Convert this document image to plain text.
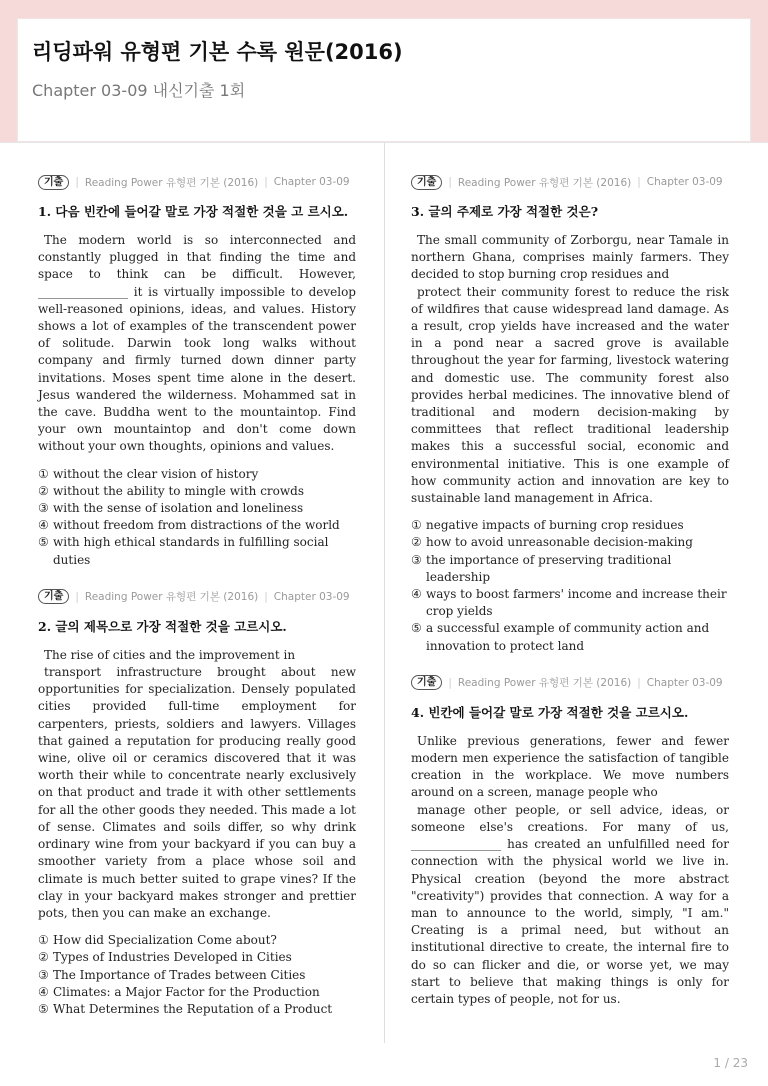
리딩파워 유형편 기본 수록 원문(2016)
Chapter 03-09 내신기출 1회
기출	| Reading Power 유형편 기본 (2016) | Chapter 03-09
1. 다음 빈칸에 들어갈 말로 가장 적절한 것을 고 르시오.

The modern world is so interconnected and constantly plugged in that finding the time and space to think can be difficult. However, _______________ it is virtually impossible to develop well-reasoned opinions, ideas, and values. History shows a lot of examples of the transcendent power of solitude. Darwin took long walks without company and firmly turned down dinner party invitations. Moses spent time alone in the desert. Jesus wandered the wilderness. Mohammed sat in the cave. Buddha went to the mountaintop. Find your own mountaintop and don't come down without your own thoughts, opinions and values.

① without the clear vision of history
② without the ability to mingle with crowds
③ with the sense of isolation and loneliness
④ without freedom from distractions of the world
⑤ with high ethical standards in fulfilling social duties
기출	| Reading Power 유형편 기본 (2016) | Chapter 03-09
2. 글의 제목으로 가장 적절한 것을 고르시오.

The rise of cities and the improvement in

transport infrastructure brought about new opportunities for specialization. Densely populated cities provided full-time employment for carpenters, priests, soldiers and lawyers. Villages that gained a reputation for producing really good wine, olive oil or ceramics discovered that it was worth their while to concentrate nearly exclusively on that product and trade it with other settlements for all the other goods they needed. This made a lot of sense. Climates and soils differ, so why drink ordinary wine from your backyard if you can buy a smoother variety from a place whose soil and climate is much better suited to grape vines? If the clay in your backyard makes stronger and prettier pots, then you can make an exchange.

① How did Specialization Come about?
② Types of Industries Developed in Cities
③ The Importance of Trades between Cities
④ Climates: a Major Factor for the Production
⑤ What Determines the Reputation of a Product
기출	| Reading Power 유형편 기본 (2016) | Chapter 03-09
3. 글의 주제로 가장 적절한 것은?

The small community of Zorborgu, near Tamale in northern Ghana, comprises mainly farmers. They decided to stop burning crop residues and

protect their community forest to reduce the risk of wildfires that cause widespread land damage. As a result, crop yields have increased and the water in a pond near a sacred grove is available throughout the year for farming, livestock watering and domestic use. The community forest also provides herbal medicines. The innovative blend of traditional and modern decision-making by committees that reflect traditional leadership makes this a successful social, economic and environmental initiative. This is one example of how community action and innovation are key to sustainable land management in Africa.

① negative impacts of burning crop residues
② how to avoid unreasonable decision-making
③ the importance of preserving traditional leadership
④ ways to boost farmers' income and increase their crop yields
⑤ a successful example of community action and innovation to protect land
기출	| Reading Power 유형편 기본 (2016) | Chapter 03-09
4. 빈칸에 들어갈 말로 가장 적절한 것을 고르시오.

Unlike previous generations, fewer and fewer modern men experience the satisfaction of tangible creation in the workplace. We move numbers around on a screen, manage people who

manage other people, or sell advice, ideas, or someone else's creations. For many of us, _______________ has created an unfulfilled need for connection with the physical world we live in. Physical creation (beyond the more abstract "creativity") provides that connection. A way for a man to announce to the world, simply, "I am." Creating is a primal need, but without an institutional directive to create, the internal fire to do so can flicker and die, or worse yet, we may start to believe that making things is only for certain types of people, not for us.

1 / 23
